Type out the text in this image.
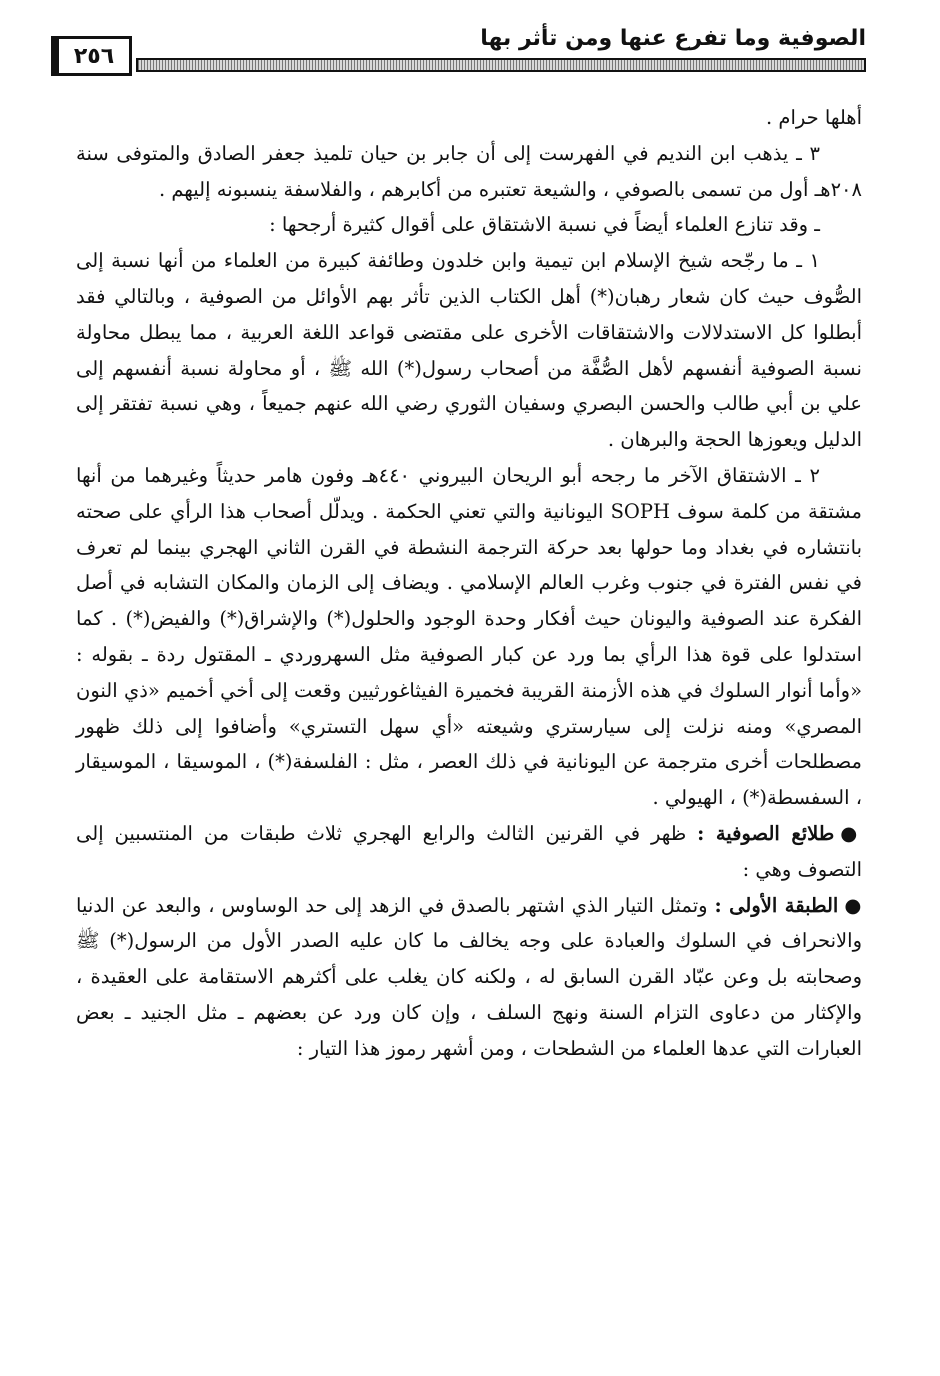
الصوفية وما تفرع عنها ومن تأثر بها
٢٥٦

أهلها حرام .

٣ ـ يذهب ابن النديم في الفهرست إلى أن جابر بن حيان تلميذ جعفر الصادق والمتوفى سنة ٢٠٨هـ أول من تسمى بالصوفي ، والشيعة تعتبره من أكابرهم ، والفلاسفة ينسبونه إليهم .

ـ وقد تنازع العلماء أيضاً في نسبة الاشتقاق على أقوال كثيرة أرجحها :

١ ـ ما رجّحه شيخ الإسلام ابن تيمية وابن خلدون وطائفة كبيرة من العلماء من أنها نسبة إلى الصُّوف حيث كان شعار رهبان(*) أهل الكتاب الذين تأثر بهم الأوائل من الصوفية ، وبالتالي فقد أبطلوا كل الاستدلالات والاشتقاقات الأخرى على مقتضى قواعد اللغة العربية ، مما يبطل محاولة نسبة الصوفية أنفسهم لأهل الصُّفَّة من أصحاب رسول(*) الله ﷺ ، أو محاولة نسبة أنفسهم إلى علي بن أبي طالب والحسن البصري وسفيان الثوري رضي الله عنهم جميعاً ، وهي نسبة تفتقر إلى الدليل ويعوزها الحجة والبرهان .

٢ ـ الاشتقاق الآخر ما رجحه أبو الريحان البيروني ٤٤٠هـ وفون هامر حديثاً وغيرهما من أنها مشتقة من كلمة سوف SOPH اليونانية والتي تعني الحكمة . ويدلّل أصحاب هذا الرأي على صحته بانتشاره في بغداد وما حولها بعد حركة الترجمة النشطة في القرن الثاني الهجري بينما لم تعرف في نفس الفترة في جنوب وغرب العالم الإسلامي . ويضاف إلى الزمان والمكان التشابه في أصل الفكرة عند الصوفية واليونان حيث أفكار وحدة الوجود والحلول(*) والإشراق(*) والفيض(*) . كما استدلوا على قوة هذا الرأي بما ورد عن كبار الصوفية مثل السهروردي ـ المقتول ردة ـ بقوله : «وأما أنوار السلوك في هذه الأزمنة القريبة فخميرة الفيثاغورثيين وقعت إلى أخي أخميم «ذي النون المصري» ومنه نزلت إلى سيارستري وشيعته «أي سهل التستري» وأضافوا إلى ذلك ظهور مصطلحات أخرى مترجمة عن اليونانية في ذلك العصر ، مثل : الفلسفة(*) ، الموسيقا ، الموسيقار ، السفسطة(*) ، الهيولي .

●طلائع الصوفية : ظهر في القرنين الثالث والرابع الهجري ثلاث طبقات من المنتسبين إلى التصوف وهي :

●الطبقة الأولى : وتمثل التيار الذي اشتهر بالصدق في الزهد إلى حد الوساوس ، والبعد عن الدنيا والانحراف في السلوك والعبادة على وجه يخالف ما كان عليه الصدر الأول من الرسول(*) ﷺ وصحابته بل وعن عبّاد القرن السابق له ، ولكنه كان يغلب على أكثرهم الاستقامة على العقيدة ، والإكثار من دعاوى التزام السنة ونهج السلف ، وإن كان ورد عن بعضهم ـ مثل الجنيد ـ بعض العبارات التي عدها العلماء من الشطحات ، ومن أشهر رموز هذا التيار :
